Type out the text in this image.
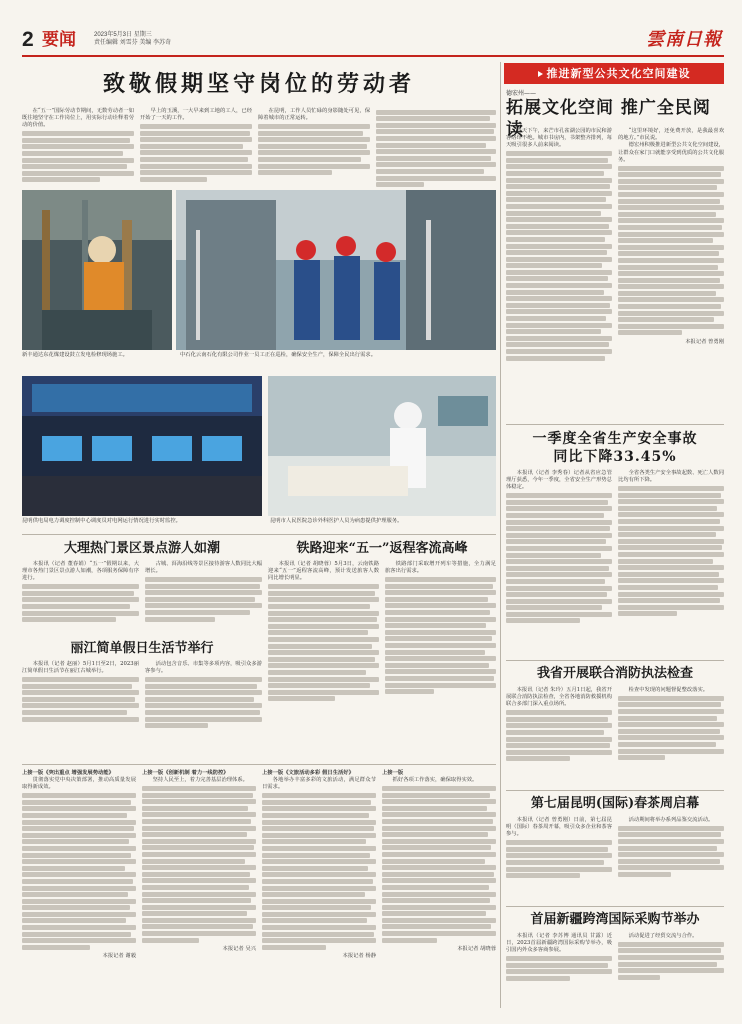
2 要闻	2023年5月3日 星期三
责任编辑 刘雪芬 美编 李苏奇	雲南日報
致敬假期坚守岗位的劳动者

在“五一”国际劳动节期间，无数劳动者一如既往地坚守在工作岗位上，用实际行动诠释着劳动的价值。

早上的玉溪，一大早来到工地的工人，已经开始了一天的工作。

在昆明，工作人员忙碌的身影随处可见，保障着城市的正常运转。

新丰通达东花煤建设鼓立发电检修现场施工。	中石化云南石化有限公司作业一员工正在巡检，确保安全生产，保障全民出行需求。
昆明供电局电力调度控制中心调度员对电网运行情况进行实时监控。	昆明市人民医院急诊外科医护人员为病患提供护理服务。
大理热门景区景点游人如潮

本报讯（记者 董春娟）“五一”假期以来，大理市各热门景区景点游人如潮，各项服务保障有序进行。

古城、洱海沿线等景区接待游客人数同比大幅增长。

丽江简单假日生活节举行

本报讯（记者 赵丽）5月1日至2日，2023丽江简单假日生活节在丽江古城举行。

活动包含音乐、市集等多项内容，吸引众多游客参与。

铁路迎来“五一”返程客流高峰

本报讯（记者 胡晓蓉）5月3日，云南铁路迎来“五一”返程客流高峰，预计发送旅客人数同比增长明显。

铁路部门采取增开列车等措施，全力满足旅客出行需求。

上接一版《突出重点 增强发展势动能》

贯彻落实党中央决策部署，推动高质量发展取得新成效。

本报记者 谢毅

上接一版《创新机制 着力一线防控》

坚持人民至上，着力完善基层治理体系。

本报记者 吴兴

上接一版《文旅活动多彩 假日生活好》

各地举办丰富多彩的文旅活动，满足群众节日需求。

本报记者 杨静

上接一版

抓好各项工作落实，确保取得实效。

本报记者 胡晓蓉
推进新型公共文化空间建设
德宏州——
拓展文化空间 推广全民阅读

每天下午，来芒市孔雀湖公园的市民和游客络绎不绝。城市书房内，书架整齐排列，每天吸引很多人前来阅读。

“这里环境好，还免费开放，是我最喜欢的地方。”市民说。

德宏州积极推进新型公共文化空间建设，让群众在家门口就能享受到优质的公共文化服务。

本报记者 曾勇刚
一季度全省生产安全事故
同比下降33.45%

本报讯（记者 李秀春）记者从省应急管理厅获悉，今年一季度，全省安全生产形势总体稳定。

全省各类生产安全事故起数、死亡人数同比均有所下降。

我省开展联合消防执法检查

本报讯（记者 朱玲）五月1日起，我省开展联合消防执法检查，全省各地消防救援机构联合多部门深入重点场所。

检查中发现的问题督促整改落实。

第七届昆明(国际)春茶周启幕

本报讯（记者 曾勇刚）日前，第七届昆明（国际）春茶周开幕，吸引众多企业和茶客参与。

活动期间将举办系列品鉴交流活动。

首届新疆跨湾国际采购节举办

本报讯（记者 李苏博 通讯员 甘露）近日，2023首届新疆跨湾国际采购节举办，吸引国内外众多客商参展。

活动促进了经贸交流与合作。
